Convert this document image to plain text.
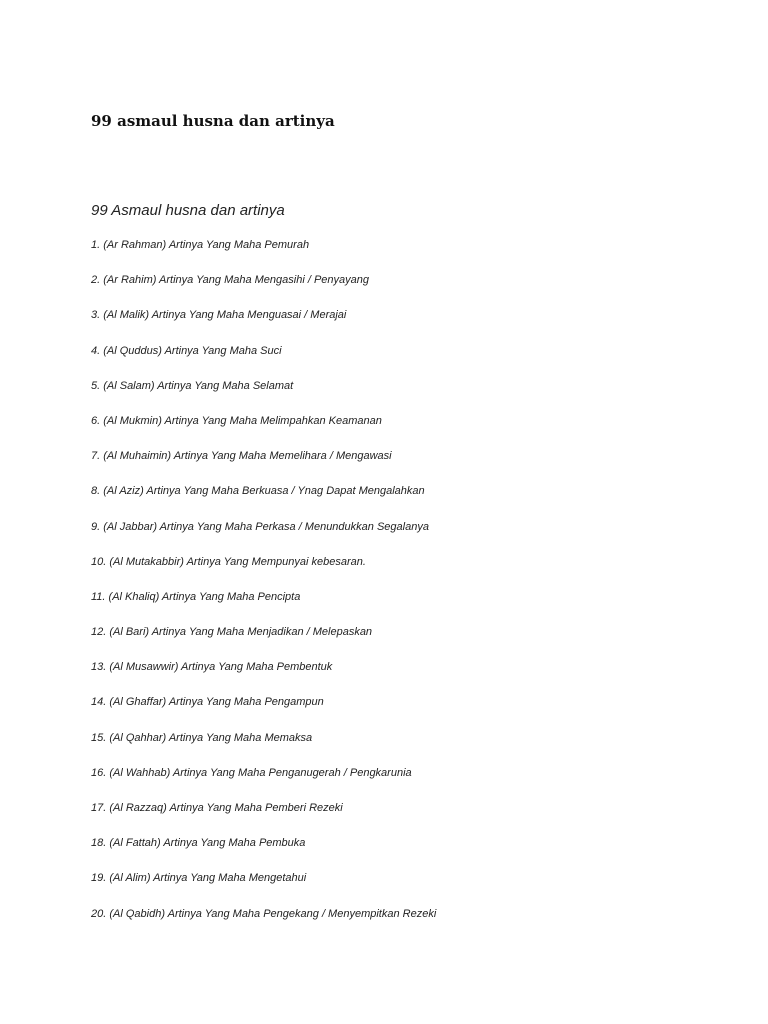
99 asmaul husna dan artinya
99 Asmaul husna dan artinya
1. (Ar Rahman) Artinya Yang Maha Pemurah
2. (Ar Rahim) Artinya Yang Maha Mengasihi / Penyayang
3. (Al Malik) Artinya Yang Maha Menguasai / Merajai
4. (Al Quddus) Artinya Yang Maha Suci
5. (Al Salam) Artinya Yang Maha Selamat
6. (Al Mukmin) Artinya Yang Maha Melimpahkan Keamanan
7. (Al Muhaimin) Artinya Yang Maha Memelihara / Mengawasi
8. (Al Aziz) Artinya Yang Maha Berkuasa / Ynag Dapat Mengalahkan
9. (Al Jabbar) Artinya Yang Maha Perkasa / Menundukkan Segalanya
10. (Al Mutakabbir) Artinya Yang Mempunyai kebesaran.
11. (Al Khaliq) Artinya Yang Maha Pencipta
12. (Al Bari) Artinya Yang Maha Menjadikan / Melepaskan
13. (Al Musawwir) Artinya Yang Maha Pembentuk
14. (Al Ghaffar) Artinya Yang Maha Pengampun
15. (Al Qahhar) Artinya Yang Maha Memaksa
16. (Al Wahhab) Artinya Yang Maha Penganugerah / Pengkarunia
17. (Al Razzaq) Artinya Yang Maha Pemberi Rezeki
18. (Al Fattah) Artinya Yang Maha Pembuka
19. (Al Alim) Artinya Yang Maha Mengetahui
20. (Al Qabidh) Artinya Yang Maha Pengekang / Menyempitkan Rezeki
